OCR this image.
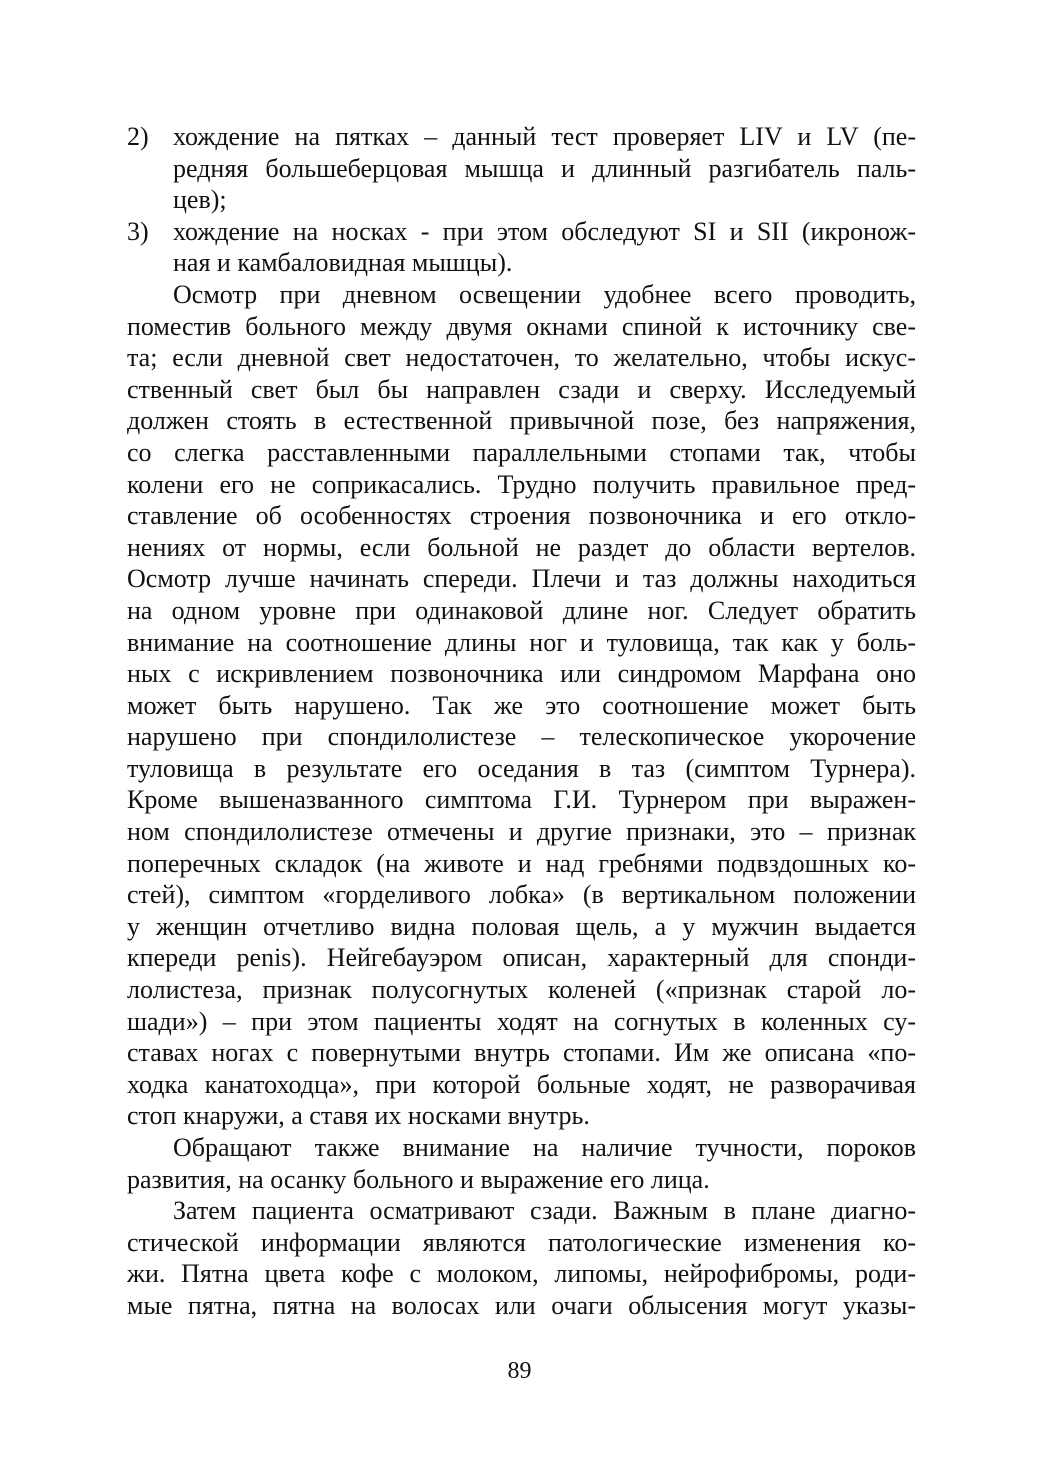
2) хождение на пятках – данный тест проверяет LIV и LV (пе-
редняя большеберцовая мышца и длинный разгибатель паль-
цев);
3) хождение на носках - при этом обследуют SI и SII (икронож-
ная и камбаловидная мышцы).
Осмотр при дневном освещении удобнее всего проводить,
поместив больного между двумя окнами спиной к источнику све-
та; если дневной свет недостаточен, то желательно, чтобы искус-
ственный свет был бы направлен сзади и сверху. Исследуемый
должен стоять в естественной привычной позе, без напряжения,
со слегка расставленными параллельными стопами так, чтобы
колени его не соприкасались. Трудно получить правильное пред-
ставление об особенностях строения позвоночника и его откло-
нениях от нормы, если больной не раздет до области вертелов.
Осмотр лучше начинать спереди. Плечи и таз должны находиться
на одном уровне при одинаковой длине ног. Следует обратить
внимание на соотношение длины ног и туловища, так как у боль-
ных с искривлением позвоночника или синдромом Марфана оно
может быть нарушено. Так же это соотношение может быть
нарушено при спондилолистезе – телескопическое укорочение
туловища в результате его оседания в таз (симптом Турнера).
Кроме вышеназванного симптома Г.И. Турнером при выражен-
ном спондилолистезе отмечены и другие признаки, это – признак
поперечных складок (на животе и над гребнями подвздошных ко-
стей), симптом «горделивого лобка» (в вертикальном положении
у женщин отчетливо видна половая щель, а у мужчин выдается
кпереди penis). Нейгебауэром описан, характерный для спонди-
лолистеза, признак полусогнутых коленей («признак старой ло-
шади») – при этом пациенты ходят на согнутых в коленных су-
ставах ногах с повернутыми внутрь стопами. Им же описана «по-
ходка канатоходца», при которой больные ходят, не разворачивая
стоп кнаружи, а ставя их носками внутрь.
Обращают также внимание на наличие тучности, пороков
развития, на осанку больного и выражение его лица.
Затем пациента осматривают сзади. Важным в плане диагно-
стической информации являются патологические изменения ко-
жи. Пятна цвета кофе с молоком, липомы, нейрофибромы, роди-
мые пятна, пятна на волосах или очаги облысения могут указы-
89
